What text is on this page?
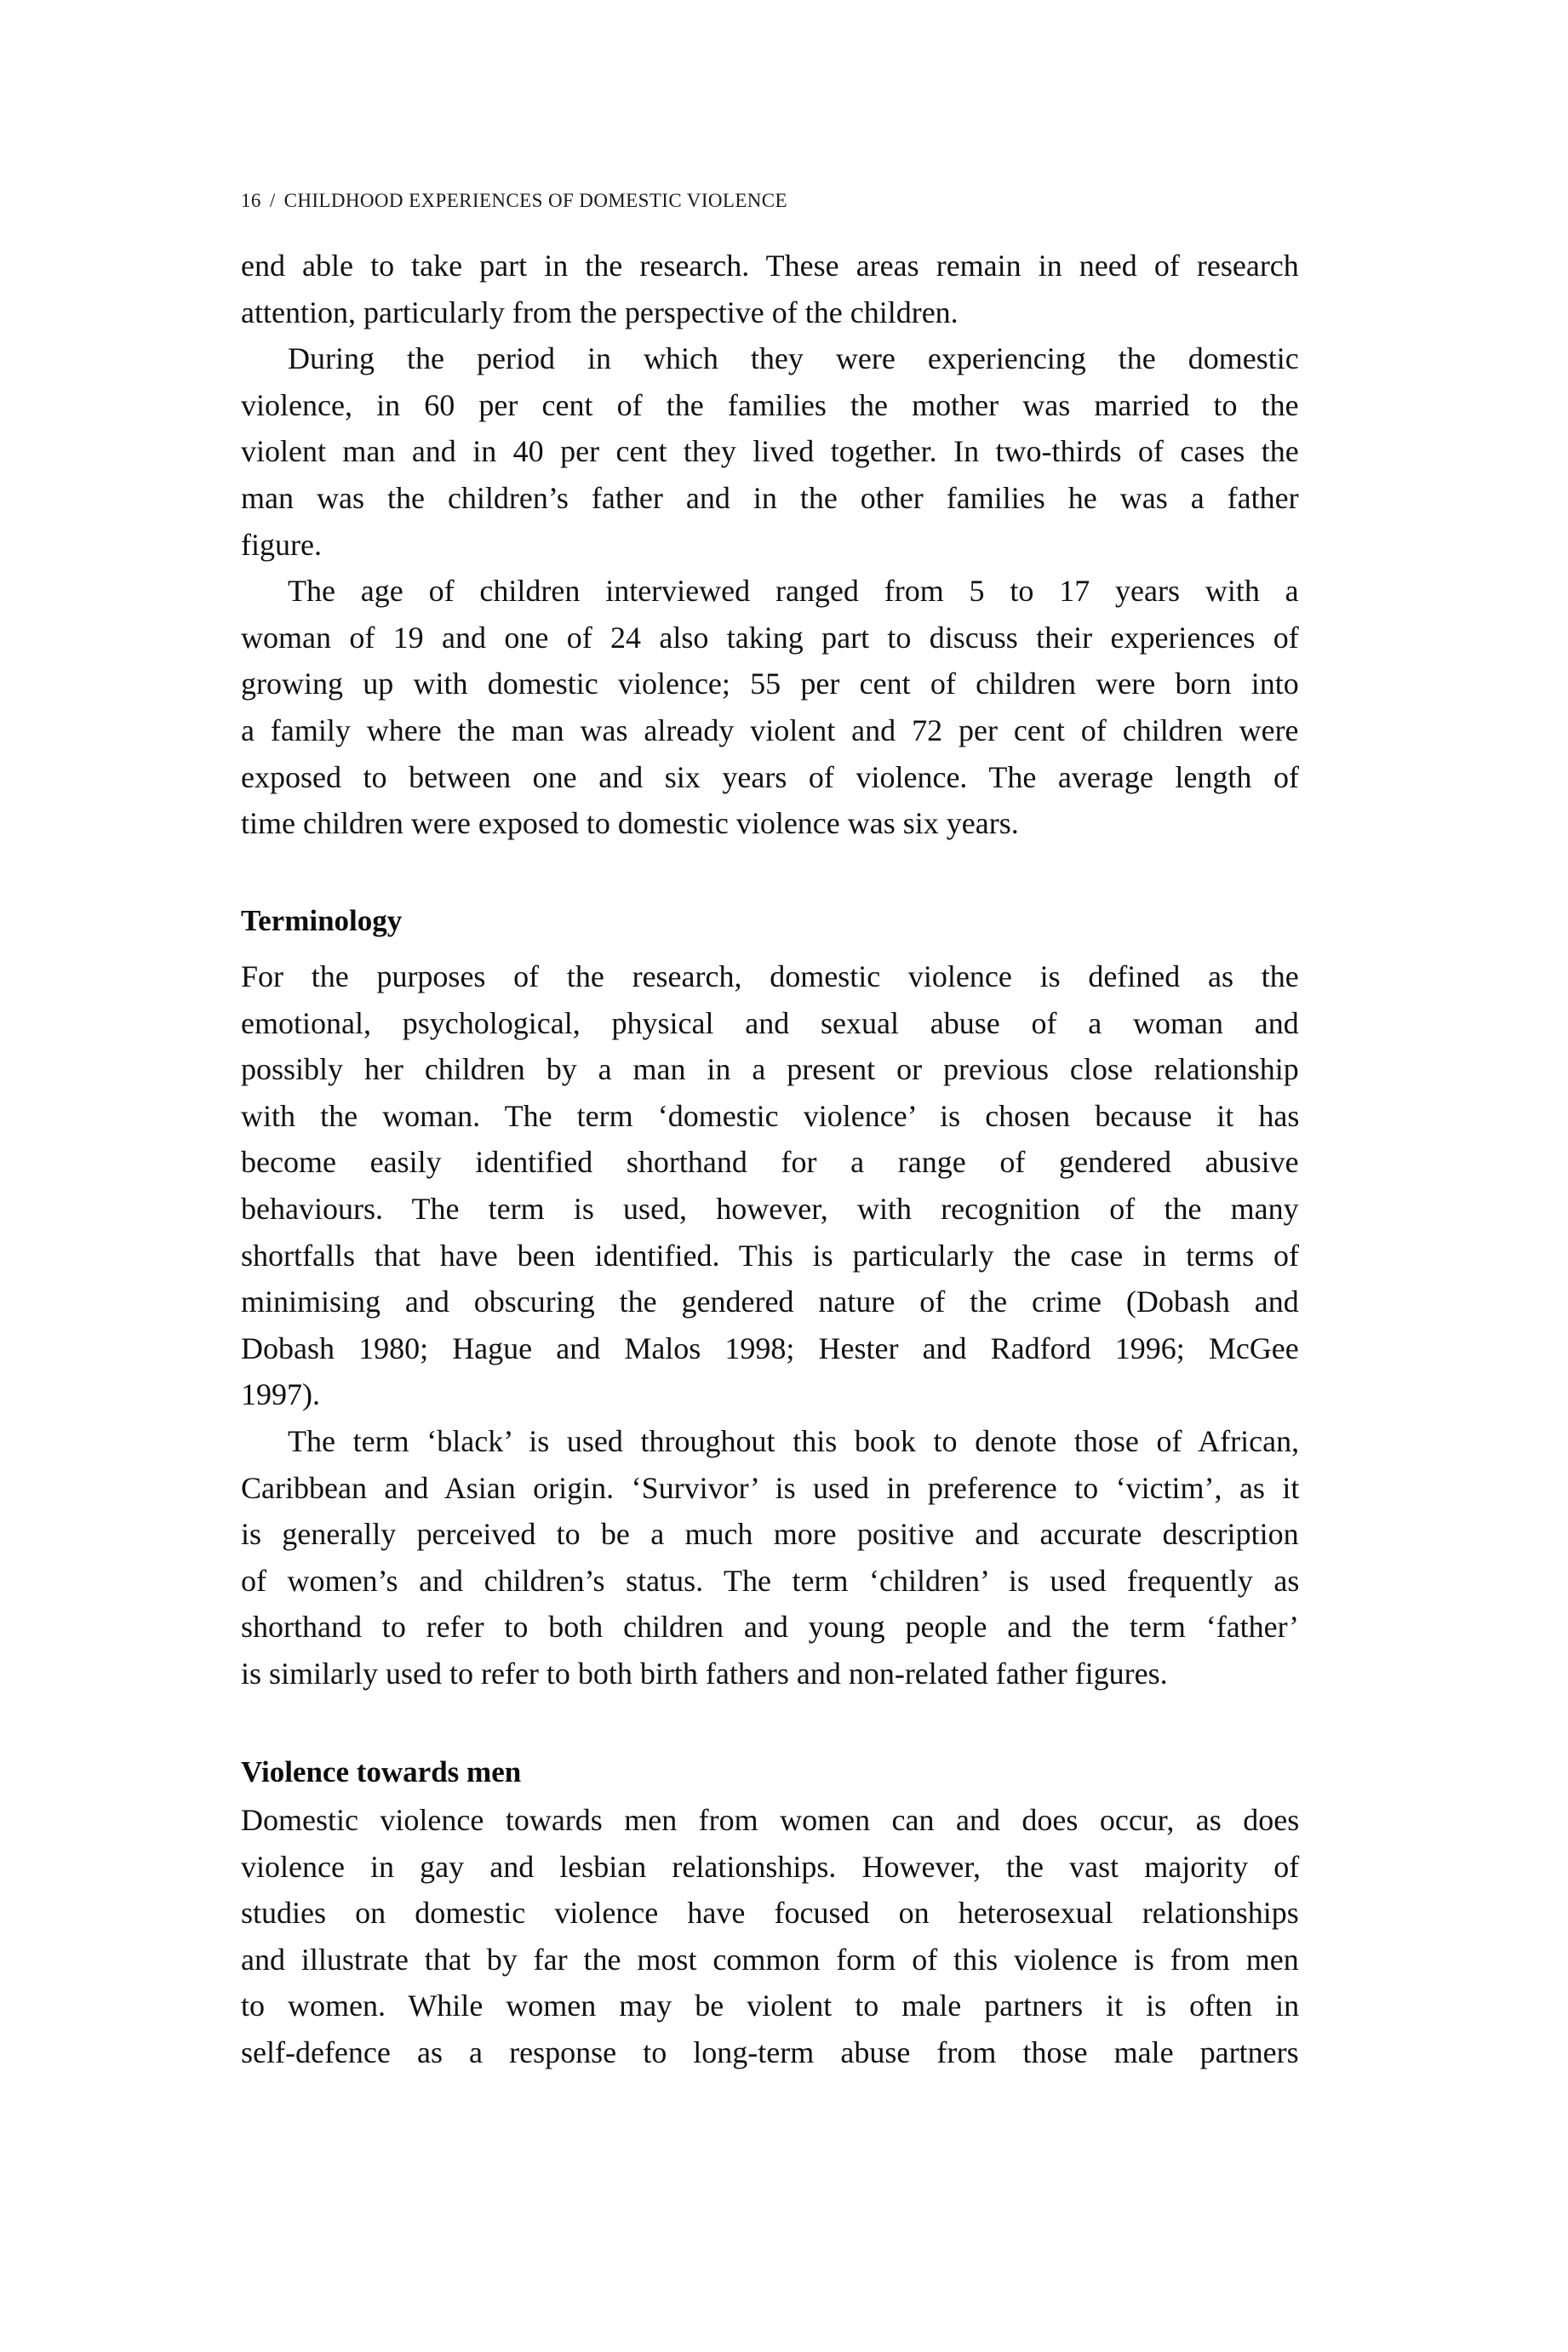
16 / CHILDHOOD EXPERIENCES OF DOMESTIC VIOLENCE
end able to take part in the research. These areas remain in need of research
attention, particularly from the perspective of the children.
During the period in which they were experiencing the domestic
violence, in 60 per cent of the families the mother was married to the
violent man and in 40 per cent they lived together. In two-thirds of cases the
man was the children’s father and in the other families he was a father
figure.
The age of children interviewed ranged from 5 to 17 years with a
woman of 19 and one of 24 also taking part to discuss their experiences of
growing up with domestic violence; 55 per cent of children were born into
a family where the man was already violent and 72 per cent of children were
exposed to between one and six years of violence. The average length of
time children were exposed to domestic violence was six years.
Terminology
For the purposes of the research, domestic violence is defined as the
emotional, psychological, physical and sexual abuse of a woman and
possibly her children by a man in a present or previous close relationship
with the woman. The term ‘domestic violence’ is chosen because it has
become easily identified shorthand for a range of gendered abusive
behaviours. The term is used, however, with recognition of the many
shortfalls that have been identified. This is particularly the case in terms of
minimising and obscuring the gendered nature of the crime (Dobash and
Dobash 1980; Hague and Malos 1998; Hester and Radford 1996; McGee
1997).
The term ‘black’ is used throughout this book to denote those of African,
Caribbean and Asian origin. ‘Survivor’ is used in preference to ‘victim’, as it
is generally perceived to be a much more positive and accurate description
of women’s and children’s status. The term ‘children’ is used frequently as
shorthand to refer to both children and young people and the term ‘father’
is similarly used to refer to both birth fathers and non-related father figures.
Violence towards men
Domestic violence towards men from women can and does occur, as does
violence in gay and lesbian relationships. However, the vast majority of
studies on domestic violence have focused on heterosexual relationships
and illustrate that by far the most common form of this violence is from men
to women. While women may be violent to male partners it is often in
self-defence as a response to long-term abuse from those male partners
